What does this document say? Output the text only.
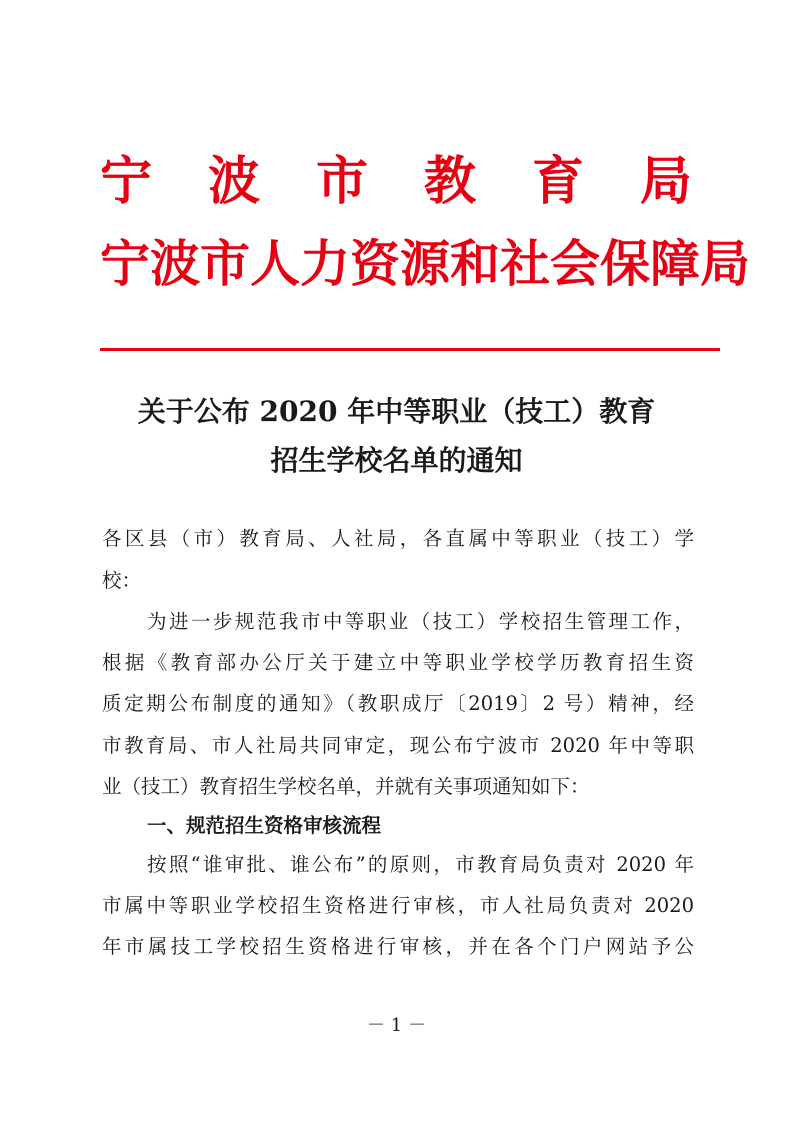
宁 波 市 教 育 局
宁波市人力资源和社会保障局
关于公布 2020 年中等职业（技工）教育
招生学校名单的通知
各区县（市）教育局、人社局，各直属中等职业（技工）学
校：
为进一步规范我市中等职业（技工）学校招生管理工作，
根据《教育部办公厅关于建立中等职业学校学历教育招生资
质定期公布制度的通知》（教职成厅〔2019〕2 号）精神，经
市教育局、市人社局共同审定，现公布宁波市 2020 年中等职
业（技工）教育招生学校名单，并就有关事项通知如下：
一、规范招生资格审核流程
按照“谁审批、谁公布”的原则，市教育局负责对 2020 年
市属中等职业学校招生资格进行审核，市人社局负责对 2020
年市属技工学校招生资格进行审核，并在各个门户网站予公
－ 1 －
